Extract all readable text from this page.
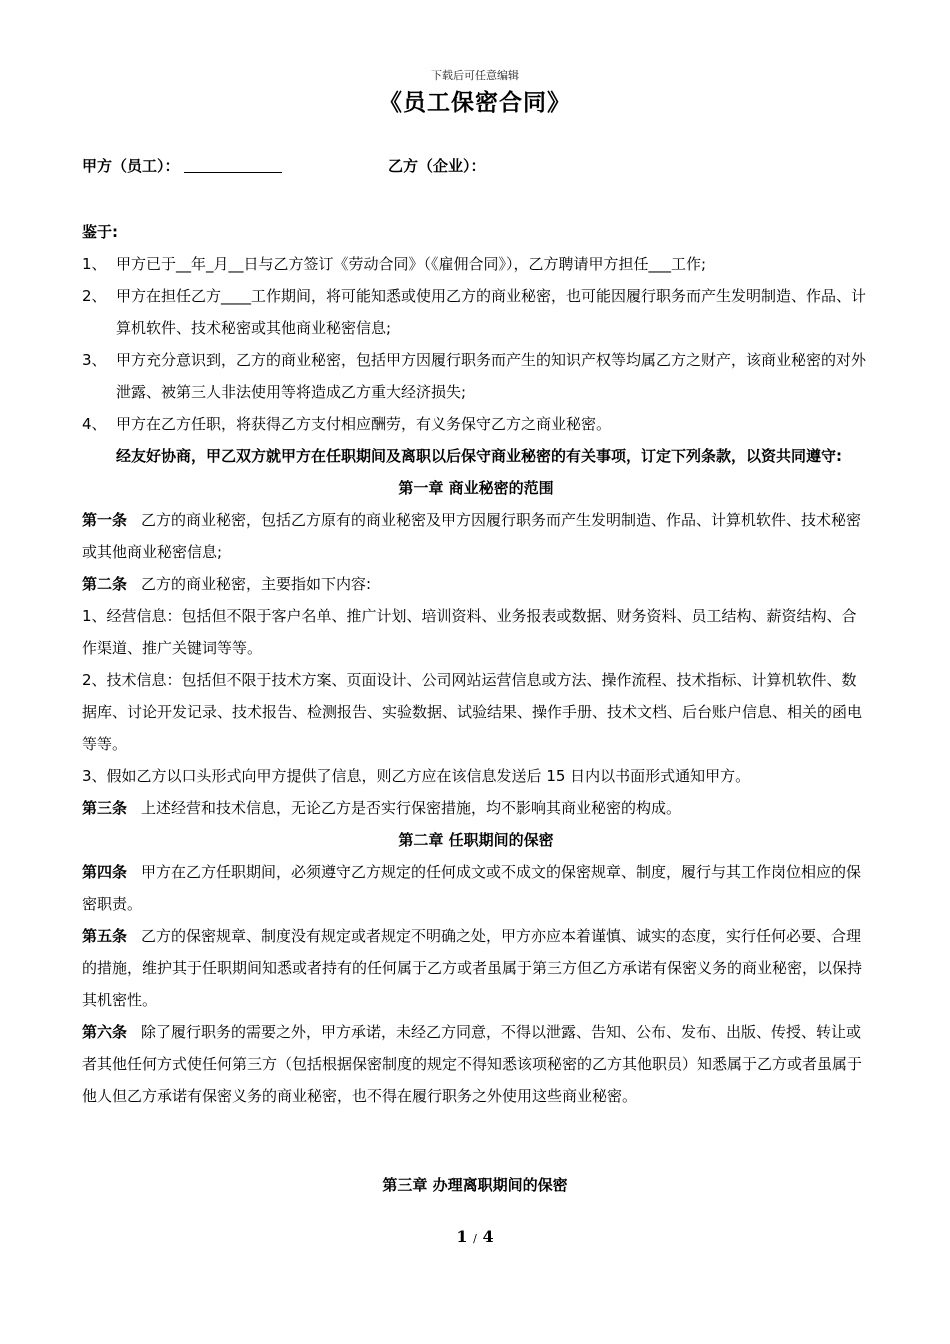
下载后可任意编辑
《员工保密合同》
甲方（员工）：	乙方（企业）：

鉴于:

1、 甲方已于__年_月__日与乙方签订《劳动合同》（《雇佣合同》），乙方聘请甲方担任___工作;
2、 甲方在担任乙方____工作期间，将可能知悉或使用乙方的商业秘密，也可能因履行职务而产生发明制造、作品、计算机软件、技术秘密或其他商业秘密信息;
3、 甲方充分意识到，乙方的商业秘密，包括甲方因履行职务而产生的知识产权等均属乙方之财产，该商业秘密的对外泄露、被第三人非法使用等将造成乙方重大经济损失;
4、 甲方在乙方任职，将获得乙方支付相应酬劳，有义务保守乙方之商业秘密。

经友好协商，甲乙双方就甲方在任职期间及离职以后保守商业秘密的有关事项，订定下列条款，以资共同遵守:

第一章 商业秘密的范围

第一条 乙方的商业秘密，包括乙方原有的商业秘密及甲方因履行职务而产生发明制造、作品、计算机软件、技术秘密或其他商业秘密信息;

第二条 乙方的商业秘密，主要指如下内容:

1、经营信息：包括但不限于客户名单、推广计划、培训资料、业务报表或数据、财务资料、员工结构、薪资结构、合作渠道、推广关键词等等。

2、技术信息：包括但不限于技术方案、页面设计、公司网站运营信息或方法、操作流程、技术指标、计算机软件、数据库、讨论开发记录、技术报告、检测报告、实验数据、试验结果、操作手册、技术文档、后台账户信息、相关的函电等等。

3、假如乙方以口头形式向甲方提供了信息，则乙方应在该信息发送后 15 日内以书面形式通知甲方。

第三条 上述经营和技术信息，无论乙方是否实行保密措施，均不影响其商业秘密的构成。

第二章 任职期间的保密

第四条 甲方在乙方任职期间，必须遵守乙方规定的任何成文或不成文的保密规章、制度，履行与其工作岗位相应的保密职责。

第五条 乙方的保密规章、制度没有规定或者规定不明确之处，甲方亦应本着谨慎、诚实的态度，实行任何必要、合理的措施，维护其于任职期间知悉或者持有的任何属于乙方或者虽属于第三方但乙方承诺有保密义务的商业秘密，以保持其机密性。

第六条 除了履行职务的需要之外，甲方承诺，未经乙方同意，不得以泄露、告知、公布、发布、出版、传授、转让或者其他任何方式使任何第三方（包括根据保密制度的规定不得知悉该项秘密的乙方其他职员）知悉属于乙方或者虽属于他人但乙方承诺有保密义务的商业秘密，也不得在履行职务之外使用这些商业秘密。

第三章 办理离职期间的保密
1 / 4
